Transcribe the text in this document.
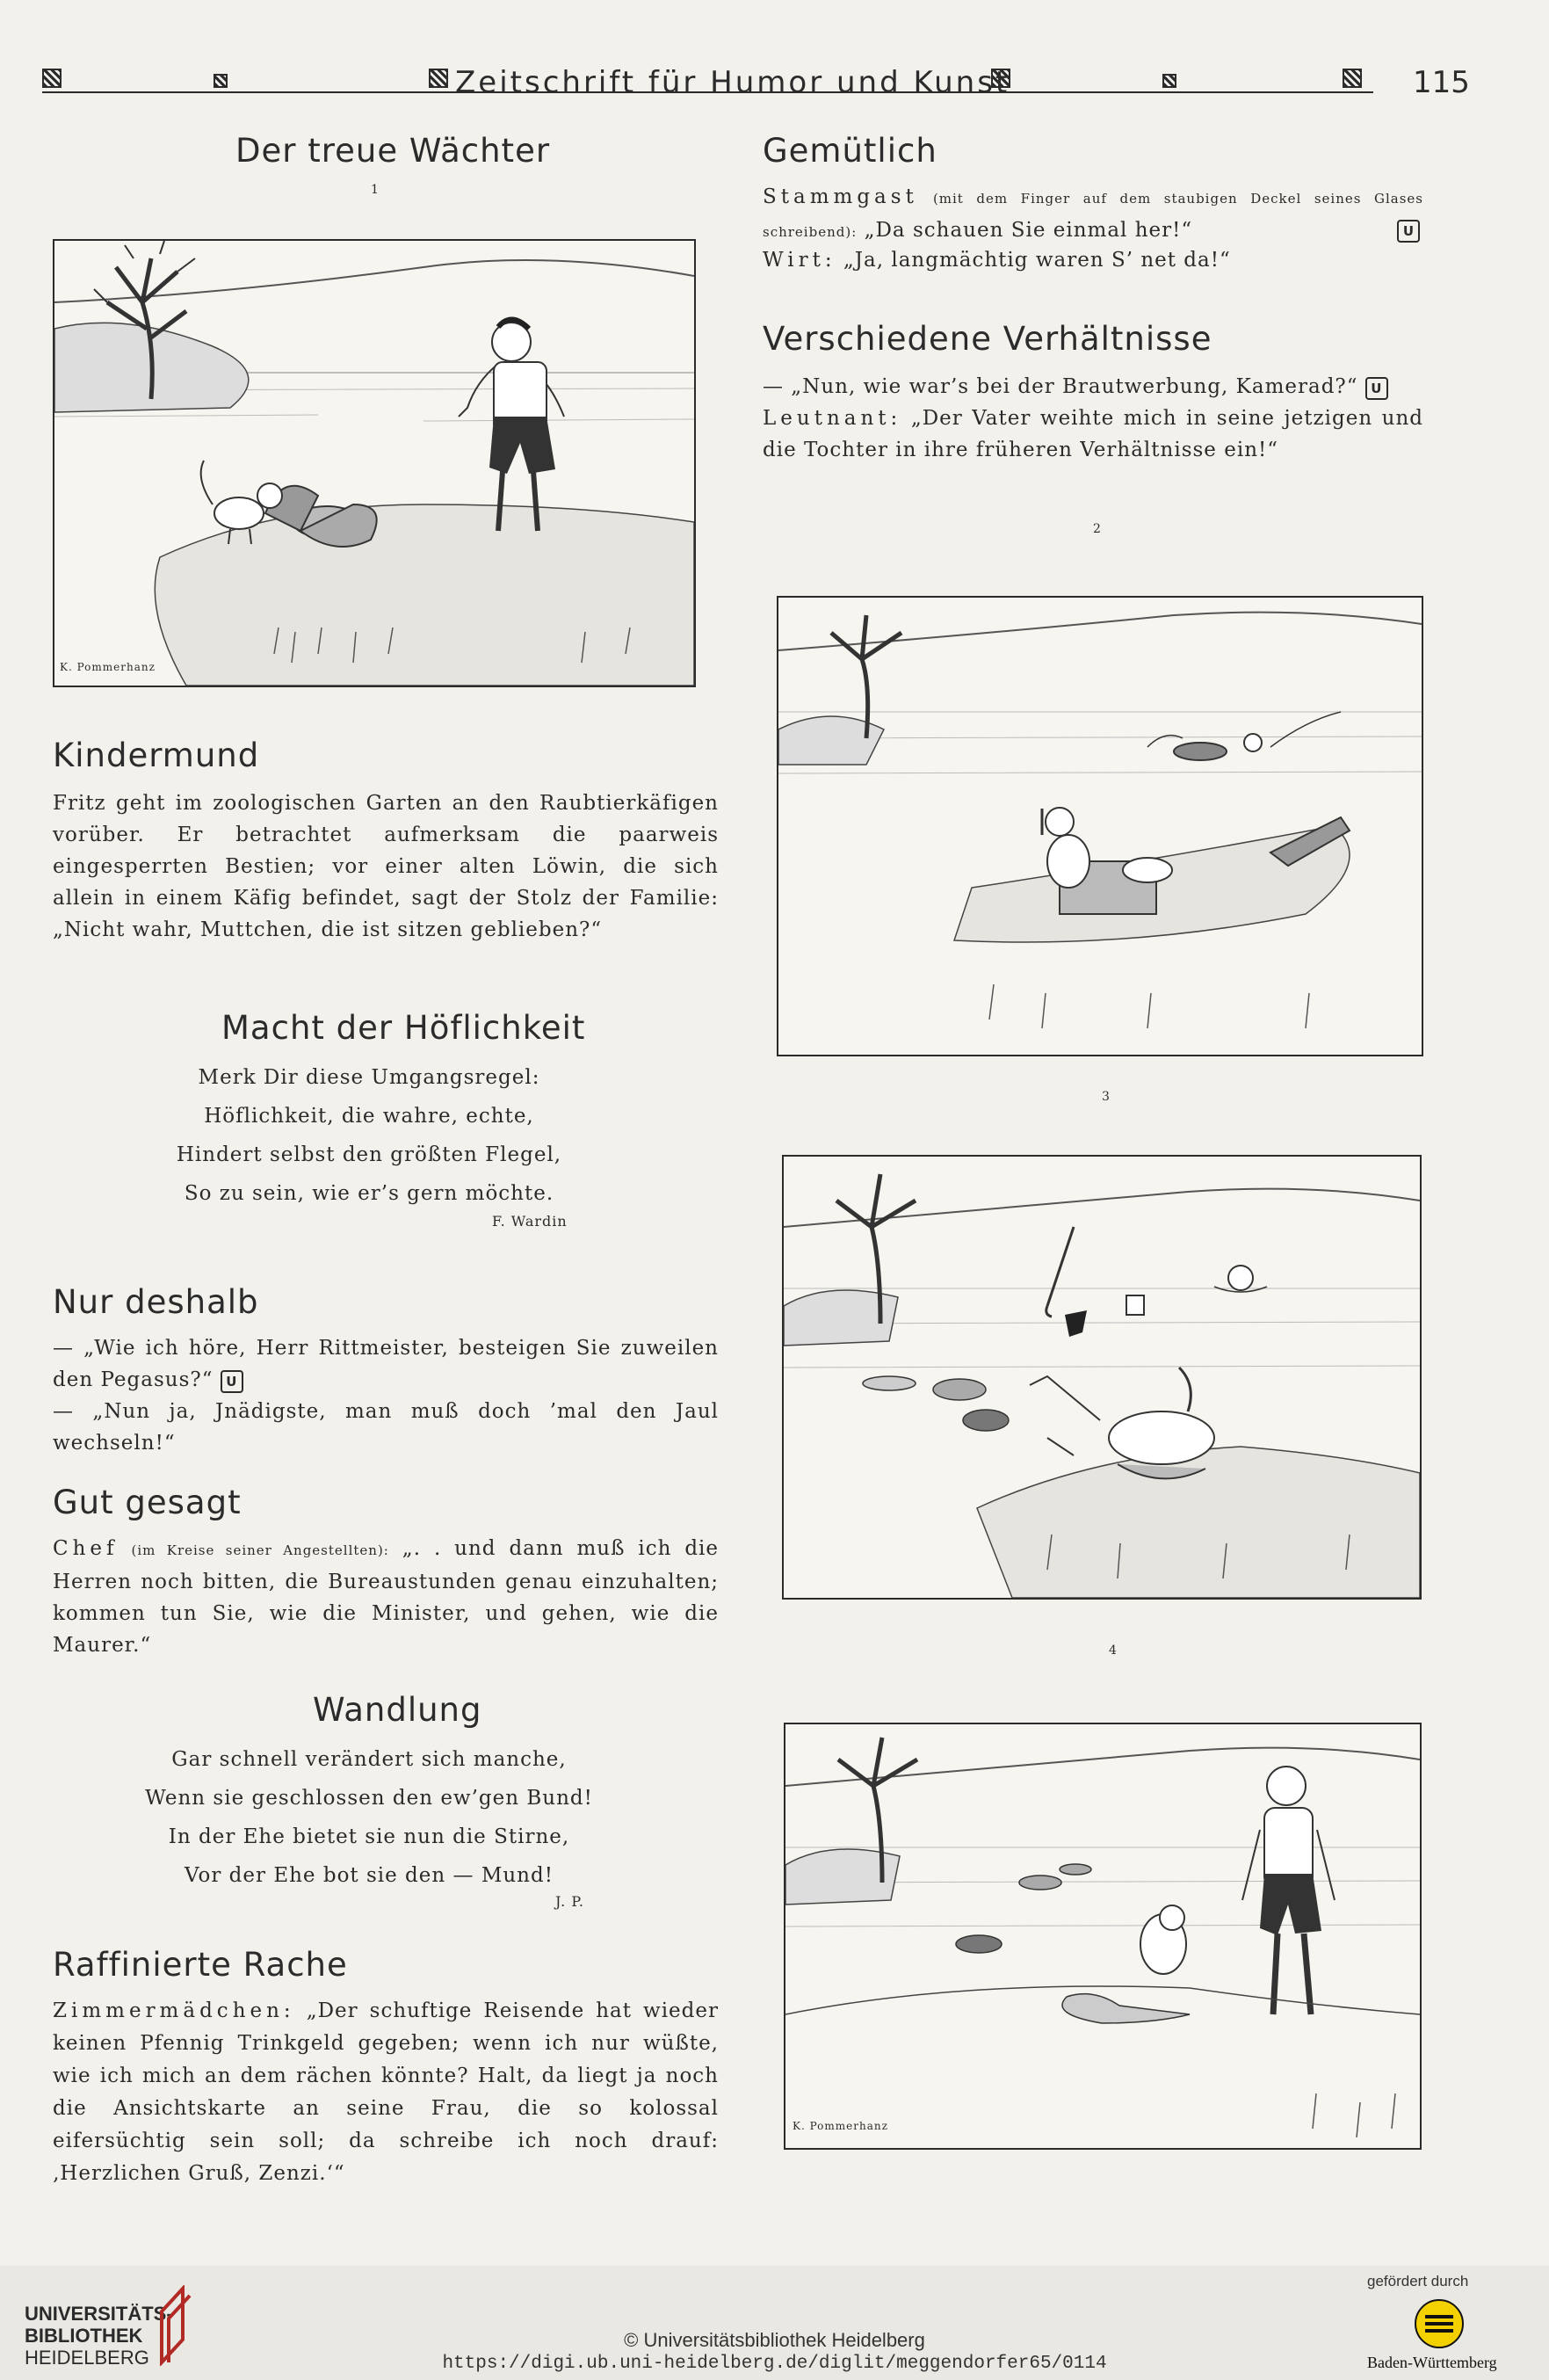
Zeitschrift für Humor und Kunst	115
Der treue Wächter
1
K. Pommerhanz
Kindermund

Fritz geht im zoologischen Garten an den Raubtierkäfigen vorüber. Er betrachtet aufmerksam die paarweis eingesperrten Bestien; vor einer alten Löwin, die sich allein in einem Käfig befindet, sagt der Stolz der Familie: „Nicht wahr, Muttchen, die ist sitzen geblieben?“

Macht der Höflichkeit
Merk Dir diese Umgangsregel:
Höflichkeit, die wahre, echte,
Hindert selbst den größten Flegel,
So zu sein, wie er’s gern möchte.
F. Wardin
Nur deshalb

— „Wie ich höre, Herr Rittmeister, besteigen Sie zuweilen den Pegasus?“ U

— „Nun ja, Jnädigste, man muß doch ’mal den Jaul wechseln!“

Gut gesagt

Chef (im Kreise seiner Angestellten): „. . und dann muß ich die Herren noch bitten, die Bureaustunden genau einzuhalten; kommen tun Sie, wie die Minister, und gehen, wie die Maurer.“

Wandlung
Gar schnell verändert sich manche,
Wenn sie geschlossen den ew’gen Bund!
In der Ehe bietet sie nun die Stirne,
Vor der Ehe bot sie den — Mund!
J. P.
Raffinierte Rache

Zimmermädchen: „Der schuftige Reisende hat wieder keinen Pfennig Trinkgeld gegeben; wenn ich nur wüßte, wie ich mich an dem rächen könnte? Halt, da liegt ja noch die Ansichtskarte an seine Frau, die so kolossal eifersüchtig sein soll; da schreibe ich noch drauf: ‚Herzlichen Gruß, Zenzi.‘“

Gemütlich

Stammgast (mit dem Finger auf dem staubigen Deckel seines Glases schreibend): „Da schauen Sie einmal her!“	U

Wirt: „Ja, langmächtig waren S’ net da!“

Verschiedene Verhältnisse

— „Nun, wie war’s bei der Brautwerbung, Kamerad?“ U

Leutnant: „Der Vater weihte mich in seine jetzigen und die Tochter in ihre früheren Verhältnisse ein!“

2
3
4
K. Pommerhanz
UNIVERSITÄTS-
BIBLIOTHEK
HEIDELBERG
© Universitätsbibliothek Heidelberg
https://digi.ub.uni-heidelberg.de/diglit/meggendorfer65/0114
gefördert durch
Baden-Württemberg
